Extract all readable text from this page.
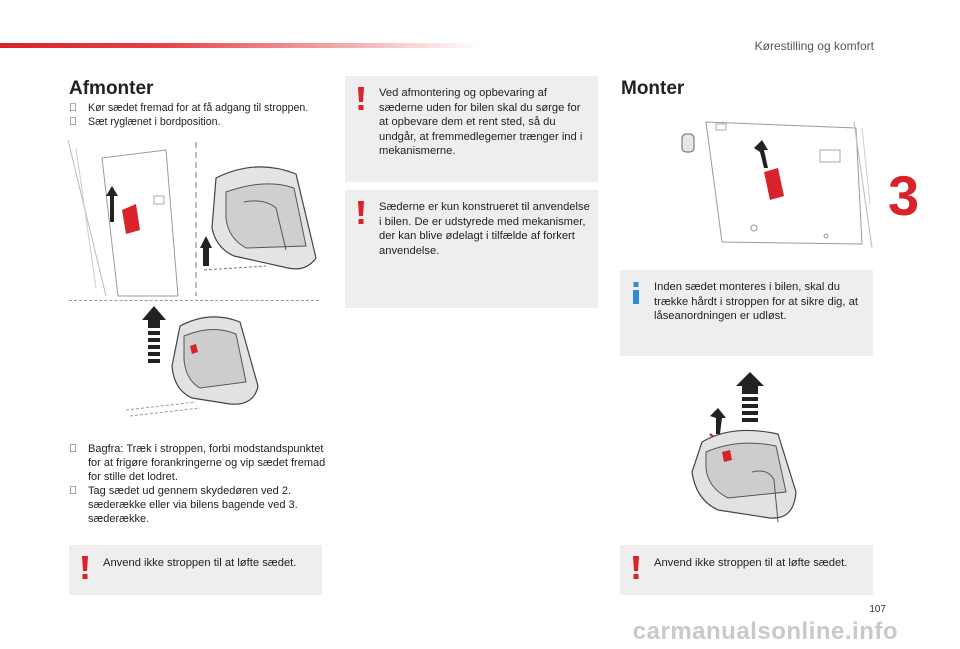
Kørestilling og komfort
3
Afmonter
Kør sædet fremad for at få adgang til stroppen.
Sæt ryglænet i bordposition.
Bagfra: Træk i stroppen, forbi modstandspunktet for at frigøre forankringerne og vip sædet fremad for stille det lodret.
Tag sædet ud gennem skydedøren ved 2. sæderække eller via bilens bagende ved 3. sæderække.
Anvend ikke stroppen til at løfte sædet.
Ved afmontering og opbevaring af sæderne uden for bilen skal du sørge for at opbevare dem et rent sted, så du undgår, at fremmedlegemer trænger ind i mekanismerne.
Sæderne er kun konstrueret til anvendelse i bilen. De er udstyrede med mekanismer, der kan blive ødelagt i tilfælde af forkert anvendelse.
Monter
Inden sædet monteres i bilen, skal du trække hårdt i stroppen for at sikre dig, at låseanordningen er udløst.
Anvend ikke stroppen til at løfte sædet.
107
carmanualsonline.info
